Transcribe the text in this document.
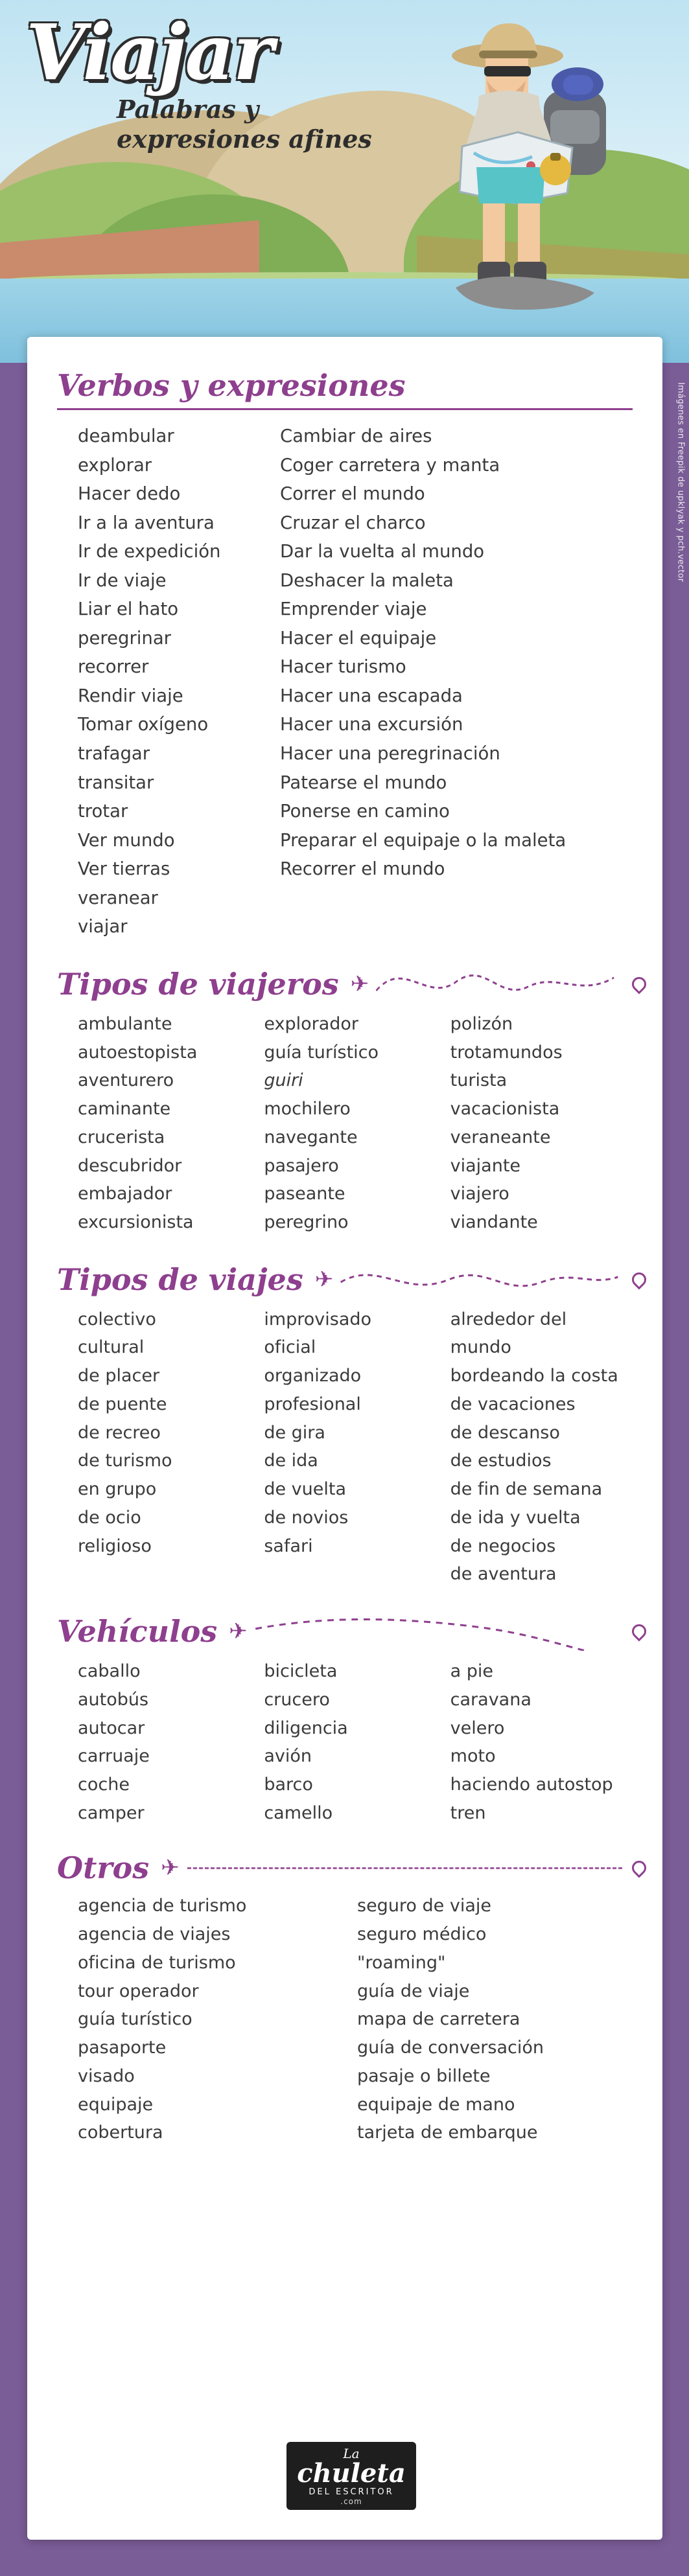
Viajar
Palabras y
expresiones afines
Imágenes en Freepik de upklyak y pch.vector
Verbos y expresiones
deambular
explorar
Hacer dedo
Ir a la aventura
Ir de expedición
Ir de viaje
Liar el hato
peregrinar
recorrer
Rendir viaje
Tomar oxígeno
trafagar
transitar
trotar
Ver mundo
Ver tierras
veranear
viajar
Cambiar de aires
Coger carretera y manta
Correr el mundo
Cruzar el charco
Dar la vuelta al mundo
Deshacer la maleta
Emprender viaje
Hacer el equipaje
Hacer turismo
Hacer una escapada
Hacer una excursión
Hacer una peregrinación
Patearse el mundo
Ponerse en camino
Preparar el equipaje o la maleta
Recorrer el mundo
Tipos de viajeros ✈
ambulante
autoestopista
aventurero
caminante
crucerista
descubridor
embajador
excursionista
explorador
guía turístico
guiri
mochilero
navegante
pasajero
paseante
peregrino
polizón
trotamundos
turista
vacacionista
veraneante
viajante
viajero
viandante
Tipos de viajes ✈
colectivo
cultural
de placer
de puente
de recreo
de turismo
en grupo
de ocio
religioso
improvisado
oficial
organizado
profesional
de gira
de ida
de vuelta
de novios
safari
alrededor del mundo
bordeando la costa
de vacaciones
de descanso
de estudios
de fin de semana
de ida y vuelta
de negocios
de aventura
Vehículos ✈
caballo
autobús
autocar
carruaje
coche
camper
bicicleta
crucero
diligencia
avión
barco
camello
a pie
caravana
velero
moto
haciendo autostop
tren
Otros ✈
agencia de turismo
agencia de viajes
oficina de turismo
tour operador
guía turístico
pasaporte
visado
equipaje
cobertura
seguro de viaje
seguro médico
"roaming"
guía de viaje
mapa de carretera
guía de conversación
pasaje o billete
equipaje de mano
tarjeta de embarque
La
chuleta
DEL ESCRITOR
.com
